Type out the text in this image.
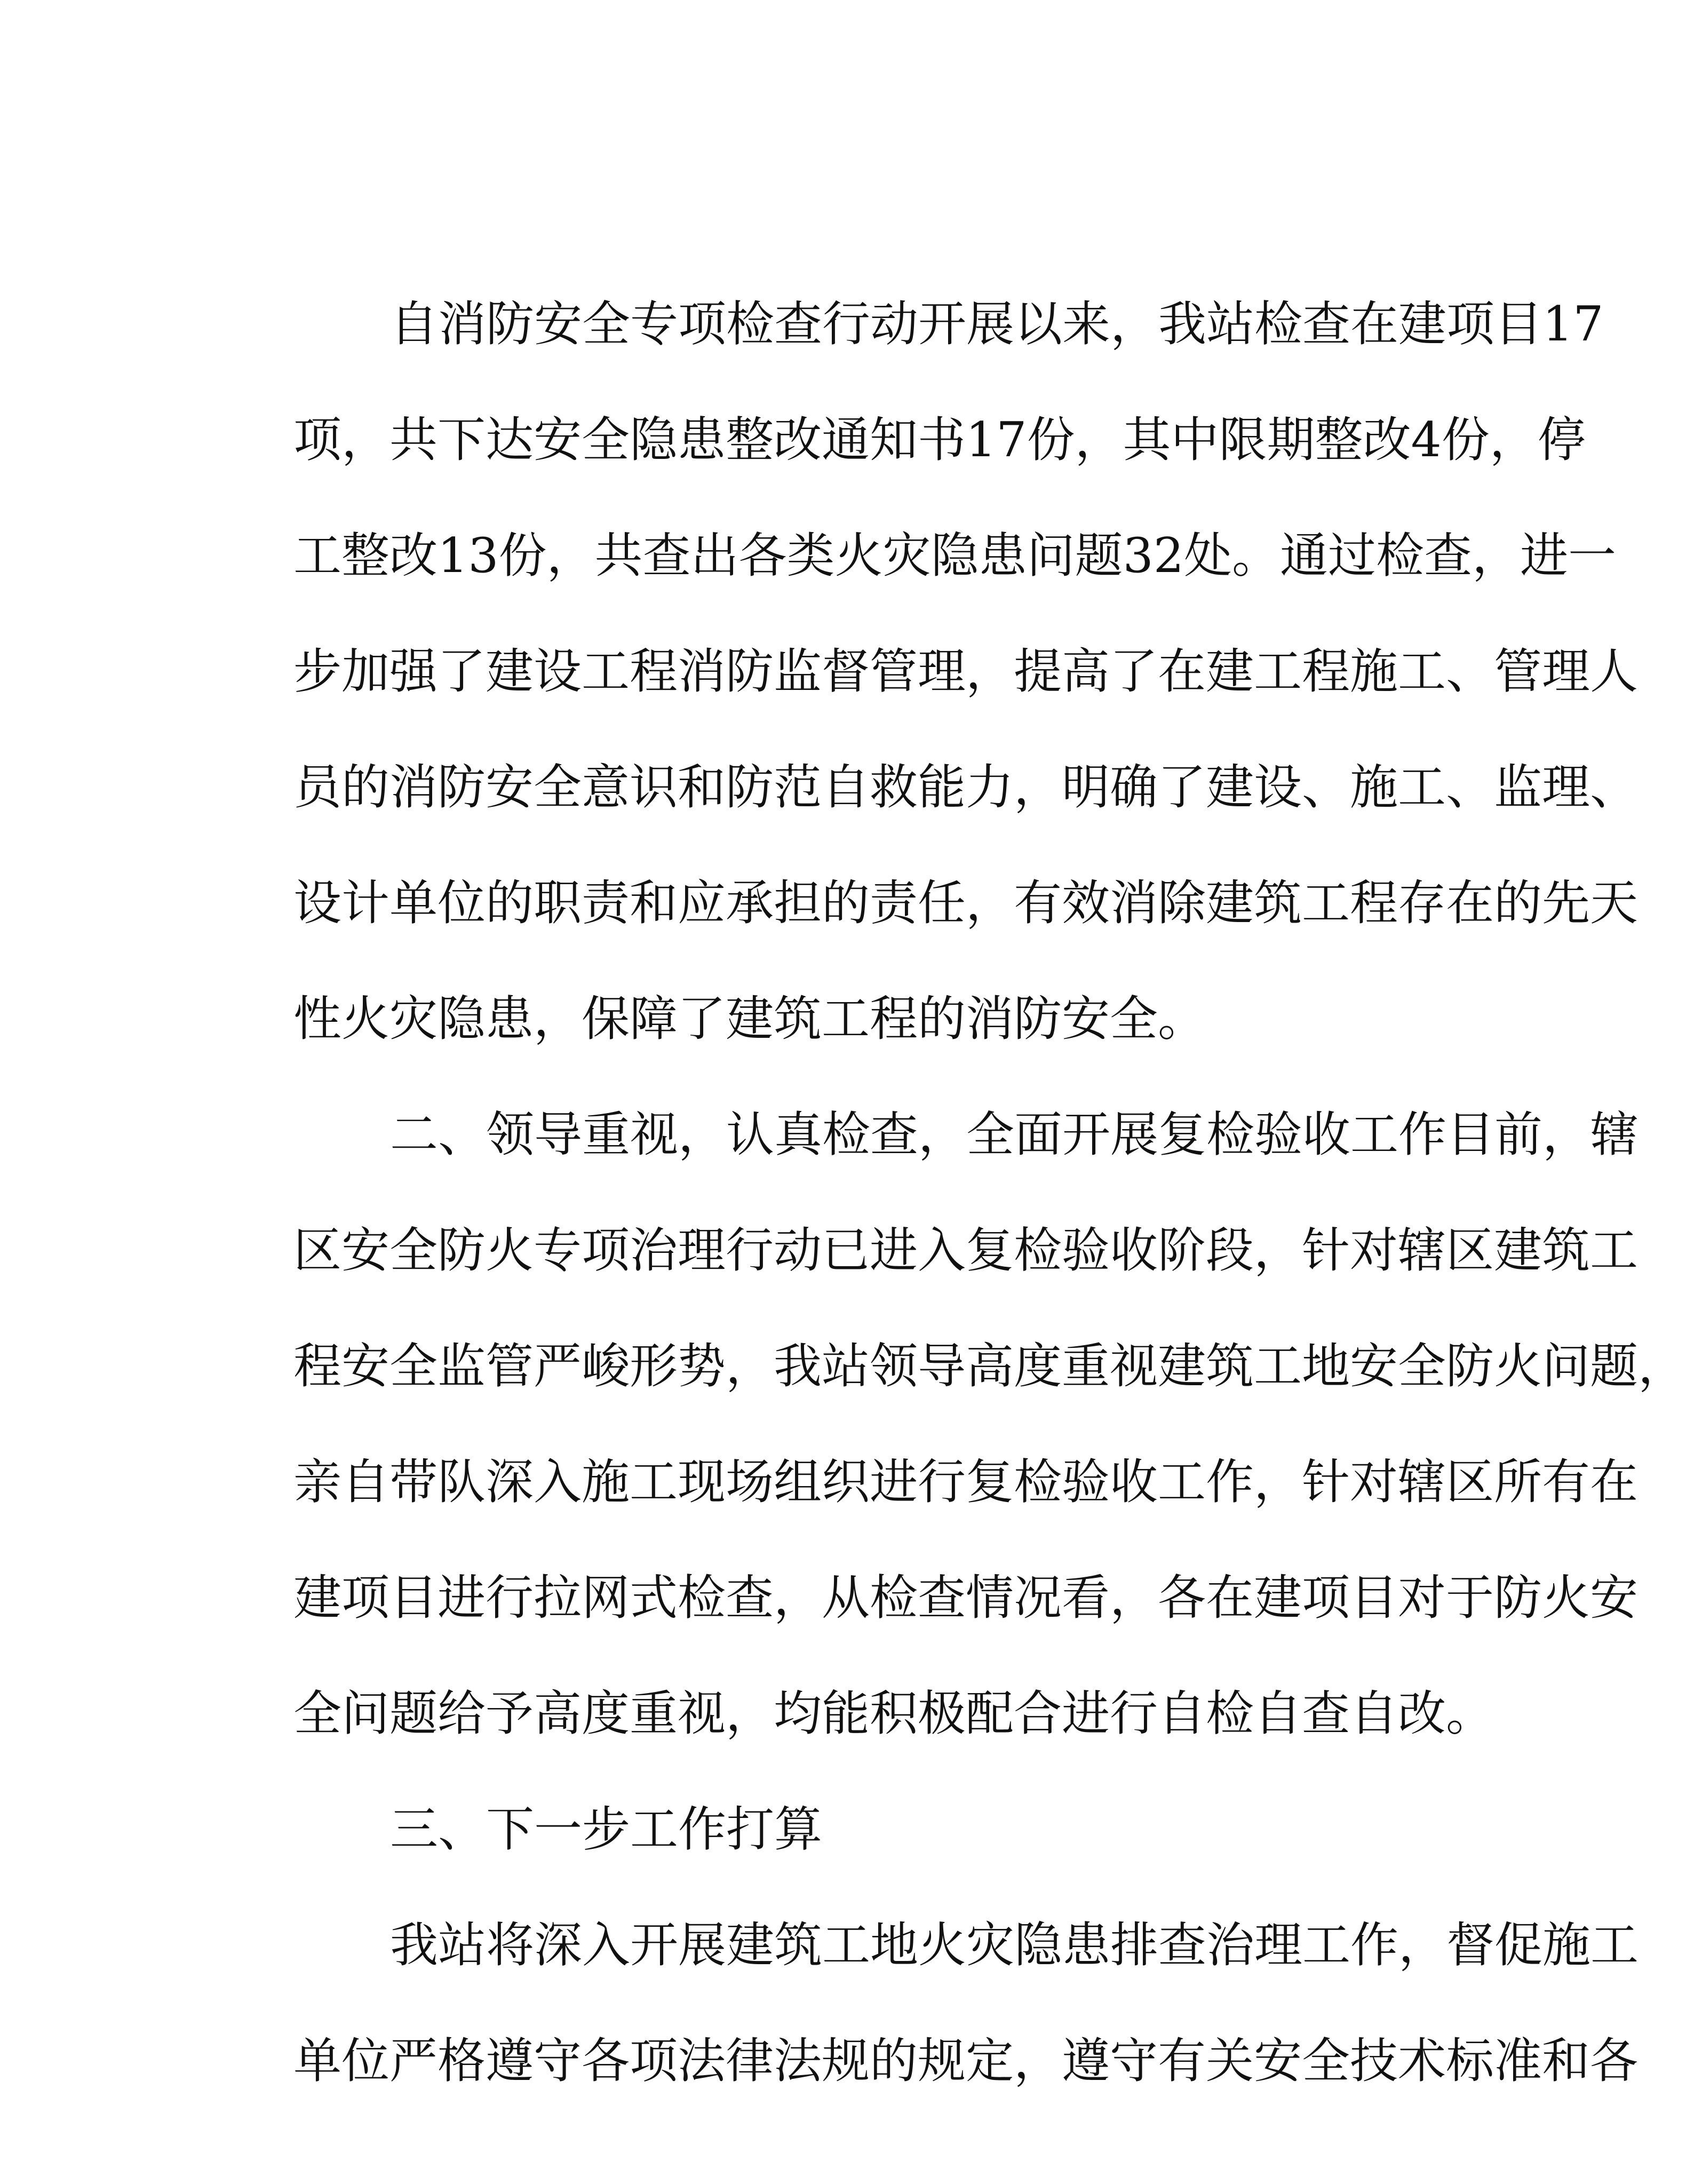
自消防安全专项检查行动开展以来，我站检查在建项目17
项，共下达安全隐患整改通知书17份，其中限期整改4份，停
工整改13份，共查出各类火灾隐患问题32处。通过检查，进一
步加强了建设工程消防监督管理，提高了在建工程施工、管理人
员的消防安全意识和防范自救能力，明确了建设、施工、监理、
设计单位的职责和应承担的责任，有效消除建筑工程存在的先天
性火灾隐患，保障了建筑工程的消防安全。
二、领导重视，认真检查，全面开展复检验收工作目前，辖
区安全防火专项治理行动已进入复检验收阶段，针对辖区建筑工
程安全监管严峻形势，我站领导高度重视建筑工地安全防火问题，
亲自带队深入施工现场组织进行复检验收工作，针对辖区所有在
建项目进行拉网式检查，从检查情况看，各在建项目对于防火安
全问题给予高度重视，均能积极配合进行自检自查自改。
三、下一步工作打算
我站将深入开展建筑工地火灾隐患排查治理工作，督促施工
单位严格遵守各项法律法规的规定，遵守有关安全技术标准和各
